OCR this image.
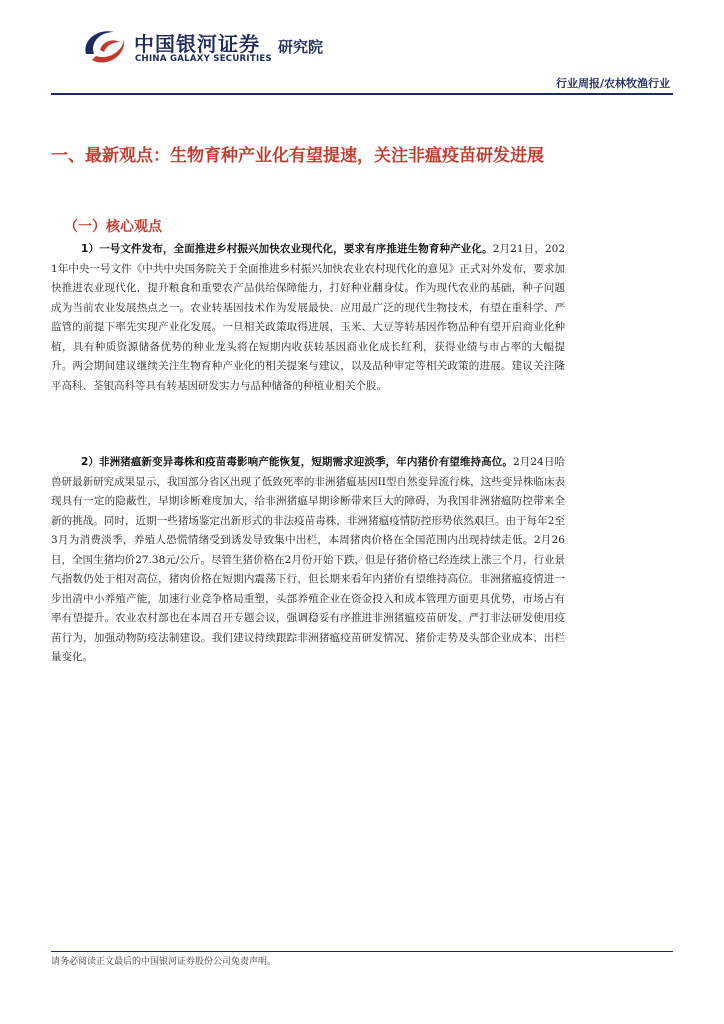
中国银河证券
CHINA GALAXY SECURITIES
研究院
行业周报/农林牧渔行业
一、最新观点：生物育种产业化有望提速，关注非瘟疫苗研发进展
（一）核心观点

1）一号文件发布，全面推进乡村振兴加快农业现代化，要求有序推进生物育种产业化。2月21日，2021年中央一号文件《中共中央国务院关于全面推进乡村振兴加快农业农村现代化的意见》正式对外发布，要求加快推进农业现代化，提升粮食和重要农产品供给保障能力，打好种业翻身仗。作为现代农业的基础，种子问题成为当前农业发展热点之一。农业转基因技术作为发展最快、应用最广泛的现代生物技术，有望在重科学、严监管的前提下率先实现产业化发展。一旦相关政策取得进展，玉米、大豆等转基因作物品种有望开启商业化种植，具有种质资源储备优势的种业龙头将在短期内收获转基因商业化成长红利，获得业绩与市占率的大幅提升。两会期间建议继续关注生物育种产业化的相关提案与建议，以及品种审定等相关政策的进展。建议关注隆平高科、荃银高科等具有转基因研发实力与品种储备的种植业相关个股。

2）非洲猪瘟新变异毒株和疫苗毒影响产能恢复，短期需求迎淡季，年内猪价有望维持高位。2月24日哈兽研最新研究成果显示，我国部分省区出现了低致死率的非洲猪瘟基因II型自然变异流行株，这些变异株临床表现具有一定的隐蔽性，早期诊断难度加大，给非洲猪瘟早期诊断带来巨大的障碍，为我国非洲猪瘟防控带来全新的挑战。同时，近期一些猪场鉴定出新形式的非法疫苗毒株，非洲猪瘟疫情防控形势依然艰巨。由于每年2至3月为消费淡季，养殖人恐慌情绪受到诱发导致集中出栏，本周猪肉价格在全国范围内出现持续走低。2月26日，全国生猪均价27.38元/公斤。尽管生猪价格在2月份开始下跌，但是仔猪价格已经连续上涨三个月，行业景气指数仍处于相对高位，猪肉价格在短期内震荡下行，但长期来看年内猪价有望维持高位。非洲猪瘟疫情进一步出清中小养殖产能，加速行业竞争格局重塑，头部养殖企业在资金投入和成本管理方面更具优势，市场占有率有望提升。农业农村部也在本周召开专题会议，强调稳妥有序推进非洲猪瘟疫苗研发，严打非法研发使用疫苗行为，加强动物防疫法制建设。我们建议持续跟踪非洲猪瘟疫苗研发情况、猪价走势及头部企业成本、出栏量变化。

请务必阅读正文最后的中国银河证券股份公司免责声明。
